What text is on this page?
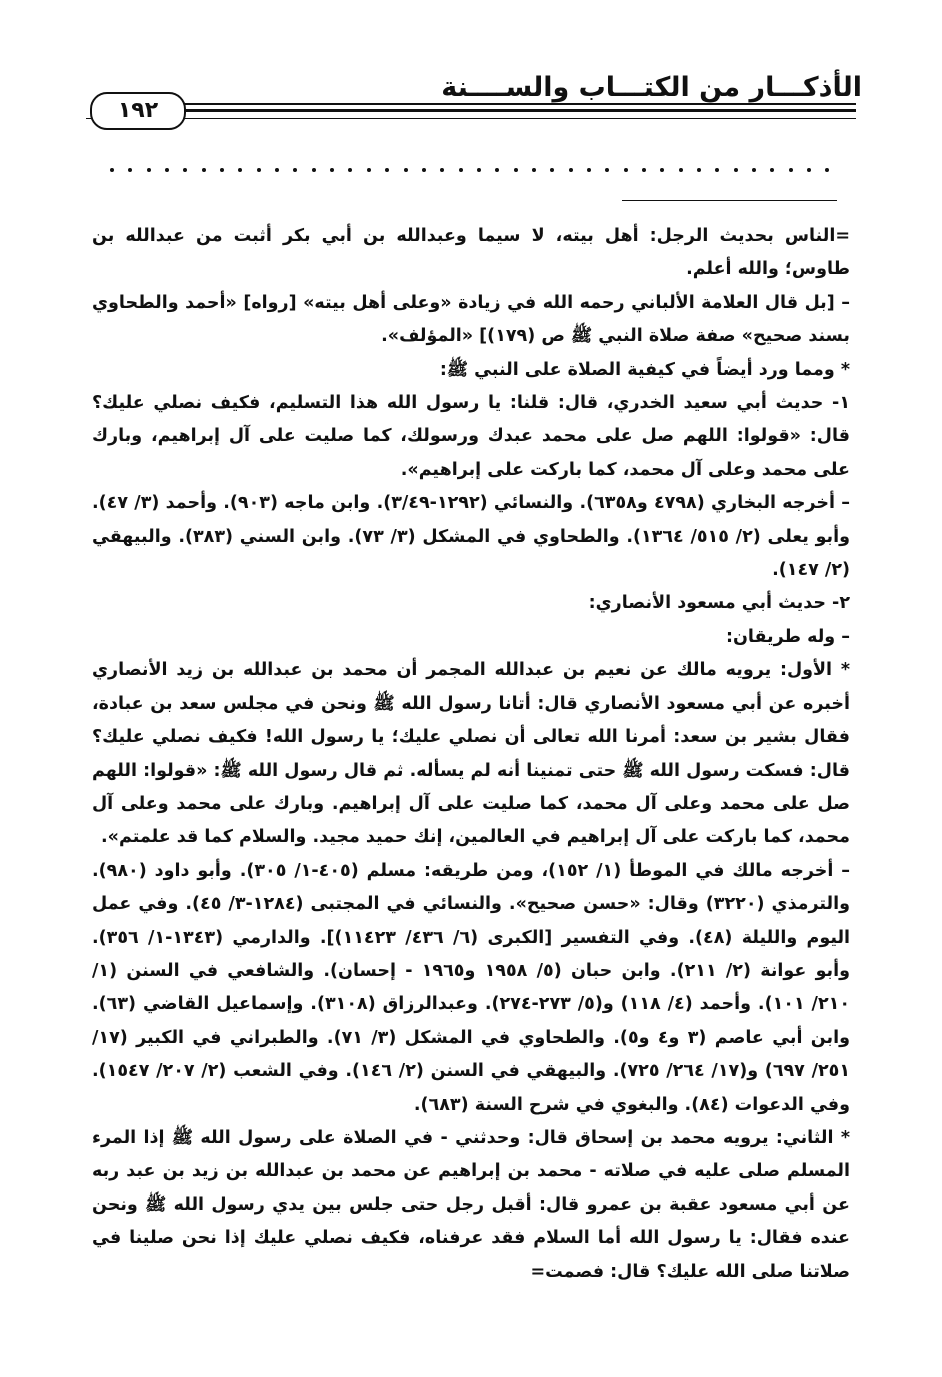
الأذكـــار من الكتـــاب والســــنة
١٩٢

=الناس بحديث الرجل: أهل بيته، لا سيما وعبدالله بن أبي بكر أثبت من عبدالله بن طاوس؛ والله أعلم.

– [بل قال العلامة الألباني رحمه الله في زيادة «وعلى أهل بيته» [رواه] «أحمد والطحاوي بسند صحيح» صفة صلاة النبي ﷺ ص (١٧٩)] «المؤلف».

* ومما ورد أيضاً في كيفية الصلاة على النبي ﷺ:

١- حديث أبي سعيد الخدري، قال: قلنا: يا رسول الله هذا التسليم، فكيف نصلي عليك؟ قال: «قولوا: اللهم صل على محمد عبدك ورسولك، كما صليت على آل إبراهيم، وبارك على محمد وعلى آل محمد، كما باركت على إبراهيم».

– أخرجه البخاري (٤٧٩٨ و٦٣٥٨). والنسائي (١٢٩٢-٣/٤٩). وابن ماجه (٩٠٣). وأحمد (٣/ ٤٧). وأبو يعلى (٢/ ٥١٥/ ١٣٦٤). والطحاوي في المشكل (٣/ ٧٣). وابن السني (٣٨٣). والبيهقي (٢/ ١٤٧).

٢- حديث أبي مسعود الأنصاري:

– وله طريقان:

* الأول: يرويه مالك عن نعيم بن عبدالله المجمر أن محمد بن عبدالله بن زيد الأنصاري أخبره عن أبي مسعود الأنصاري قال: أتانا رسول الله ﷺ ونحن في مجلس سعد بن عبادة، فقال بشير بن سعد: أمرنا الله تعالى أن نصلي عليك؛ يا رسول الله! فكيف نصلي عليك؟ قال: فسكت رسول الله ﷺ حتى تمنينا أنه لم يسأله. ثم قال رسول الله ﷺ: «قولوا: اللهم صل على محمد وعلى آل محمد، كما صليت على آل إبراهيم. وبارك على محمد وعلى آل محمد، كما باركت على آل إبراهيم في العالمين، إنك حميد مجيد. والسلام كما قد علمتم».

– أخرجه مالك في الموطأ (١/ ١٥٢)، ومن طريقه: مسلم (٤٠٥-١/ ٣٠٥). وأبو داود (٩٨٠). والترمذي (٣٢٢٠) وقال: «حسن صحيح». والنسائي في المجتبى (١٢٨٤-٣/ ٤٥). وفي عمل اليوم والليلة (٤٨). وفي التفسير [الكبرى (٦/ ٤٣٦/ ١١٤٢٣)]. والدارمي (١٣٤٣-١/ ٣٥٦). وأبو عوانة (٢/ ٢١١). وابن حبان (٥/ ١٩٥٨ و١٩٦٥ - إحسان). والشافعي في السنن (١/ ٢١٠/ ١٠١). وأحمد (٤/ ١١٨) و(٥/ ٢٧٣-٢٧٤). وعبدالرزاق (٣١٠٨). وإسماعيل القاضي (٦٣). وابن أبي عاصم (٣ و٤ و٥). والطحاوي في المشكل (٣/ ٧١). والطبراني في الكبير (١٧/ ٢٥١/ ٦٩٧) و(١٧/ ٢٦٤/ ٧٢٥). والبيهقي في السنن (٢/ ١٤٦). وفي الشعب (٢/ ٢٠٧/ ١٥٤٧). وفي الدعوات (٨٤). والبغوي في شرح السنة (٦٨٣).

* الثاني: يرويه محمد بن إسحاق قال: وحدثني - في الصلاة على رسول الله ﷺ إذا المرء المسلم صلى عليه في صلاته - محمد بن إبراهيم عن محمد بن عبدالله بن زيد بن عبد ربه عن أبي مسعود عقبة بن عمرو قال: أقبل رجل حتى جلس بين يدي رسول الله ﷺ ونحن عنده فقال: يا رسول الله أما السلام فقد عرفناه، فكيف نصلي عليك إذا نحن صلينا في صلاتنا صلى الله عليك؟ قال: فصمت=
